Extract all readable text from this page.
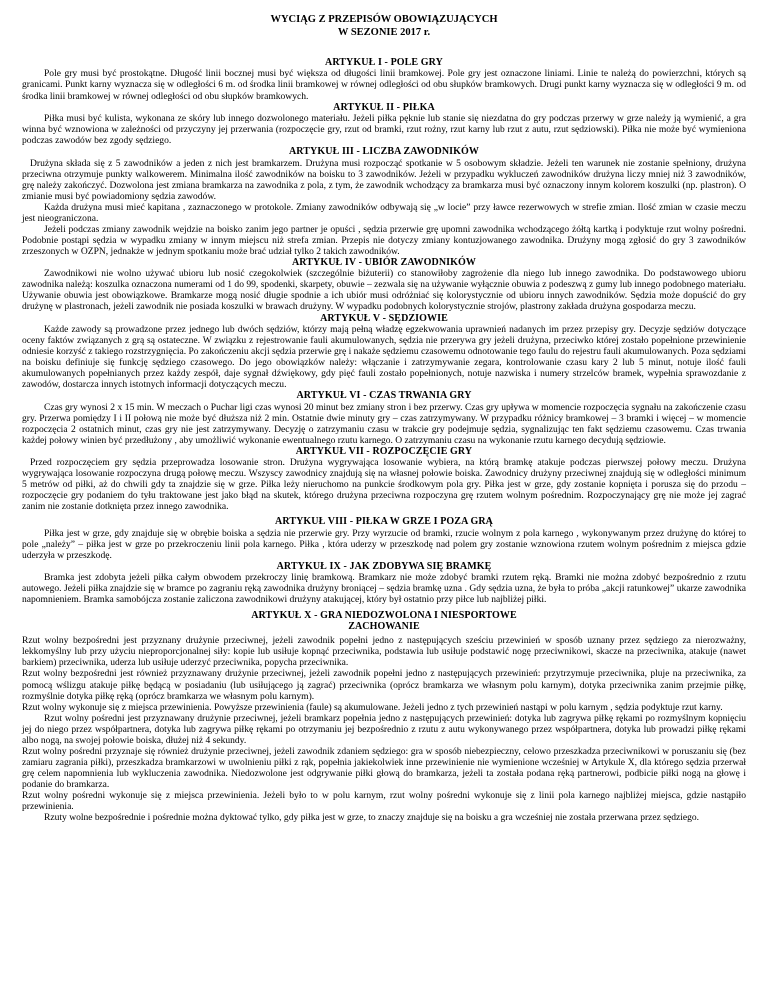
WYCIĄG Z PRZEPISÓW OBOWIĄZUJĄCYCH
W SEZONIE 2017 r.
ARTYKUŁ I - POLE GRY

Pole gry musi być prostokątne. Długość linii bocznej musi być większa od długości linii bramkowej. Pole gry jest oznaczone liniami. Linie te należą do powierzchni, których są granicami. Punkt karny wyznacza się w odległości 6 m. od środka linii bramkowej w równej odległości od obu słupków bramkowych. Drugi punkt karny wyznacza się w odległości 9 m. od środka linii bramkowej w równej odległości od obu słupków bramkowych.

ARTYKUŁ II - PIŁKA

Piłka musi być kulista, wykonana ze skóry lub innego dozwolonego materiału. Jeżeli piłka pęknie lub stanie się niezdatna do gry podczas przerwy w grze należy ją wymienić, a gra winna być wznowiona w zależności od przyczyny jej przerwania (rozpoczęcie gry, rzut od bramki, rzut rożny, rzut karny lub rzut z autu, rzut sędziowski). Piłka nie może być wymieniona podczas zawodów bez zgody sędziego.

ARTYKUŁ III - LICZBA ZAWODNIKÓW

Drużyna składa się z 5 zawodników a jeden z nich jest bramkarzem. Drużyna musi rozpocząć spotkanie w 5 osobowym składzie. Jeżeli ten warunek nie zostanie spełniony, drużyna przeciwna otrzymuje punkty walkowerem. Minimalna ilość zawodników na boisku to 3 zawodników. Jeżeli w przypadku wykluczeń zawodników drużyna liczy mniej niż 3 zawodników, grę należy zakończyć. Dozwolona jest zmiana bramkarza na zawodnika z pola, z tym, że zawodnik wchodzący za bramkarza musi być oznaczony innym kolorem koszulki (np. plastron). O zmianie musi być powiadomiony sędzia zawodów.

Każda drużyna musi mieć kapitana , zaznaczonego w protokole. Zmiany zawodników odbywają się „w locie” przy ławce rezerwowych w strefie zmian. Ilość zmian w czasie meczu jest nieograniczona.

Jeżeli podczas zmiany zawodnik wejdzie na boisko zanim jego partner je opuści , sędzia przerwie grę upomni zawodnika wchodzącego żółtą kartką i podyktuje rzut wolny pośredni. Podobnie postąpi sędzia w wypadku zmiany w innym miejscu niż strefa zmian. Przepis nie dotyczy zmiany kontuzjowanego zawodnika. Drużyny mogą zgłosić do gry 3 zawodników zrzeszonych w OZPN, jednakże w jednym spotkaniu może brać udział tylko 2 takich zawodników.

ARTYKUŁ IV - UBIÓR ZAWODNIKÓW

Zawodnikowi nie wolno używać ubioru lub nosić czegokolwiek (szczególnie biżuterii) co stanowiłoby zagrożenie dla niego lub innego zawodnika. Do podstawowego ubioru zawodnika należą: koszulka oznaczona numerami od 1 do 99, spodenki, skarpety, obuwie – zezwala się na używanie wyłącznie obuwia z podeszwą z gumy lub innego podobnego materiału. Używanie obuwia jest obowiązkowe. Bramkarze mogą nosić długie spodnie a ich ubiór musi odróżniać się kolorystycznie od ubioru innych zawodników. Sędzia może dopuścić do gry drużynę w plastronach, jeżeli zawodnik nie posiada koszulki w brawach drużyny. W wypadku podobnych kolorystycznie strojów, plastrony zakłada drużyna gospodarza meczu.

ARTYKUŁ V - SĘDZIOWIE

Każde zawody są prowadzone przez jednego lub dwóch sędziów, którzy mają pełną władzę egzekwowania uprawnień nadanych im przez przepisy gry. Decyzje sędziów dotyczące oceny faktów związanych z grą są ostateczne. W związku z rejestrowanie fauli akumulowanych, sędzia nie przerywa gry jeżeli drużyna, przeciwko której zostało popełnione przewinienie odniesie korzyść z takiego rozstrzygnięcia. Po zakończeniu akcji sędzia przerwie grę i nakaże sędziemu czasowemu odnotowanie tego faulu do rejestru fauli akumulowanych. Poza sędziami na boisku definiuje się funkcję sędziego czasowego. Do jego obowiązków należy: włączanie i zatrzymywanie zegara, kontrolowanie czasu kary 2 lub 5 minut, notuje ilość fauli akumulowanych popełnianych przez każdy zespół, daje sygnał dźwiękowy, gdy pięć fauli zostało popełnionych, notuje nazwiska i numery strzelców bramek, wypełnia sprawozdanie z zawodów, dostarcza innych istotnych informacji dotyczących meczu.

ARTYKUŁ VI - CZAS TRWANIA GRY

Czas gry wynosi 2 x 15 min. W meczach o Puchar ligi czas wynosi 20 minut bez zmiany stron i bez przerwy. Czas gry upływa w momencie rozpoczęcia sygnału na zakończenie czasu gry. Przerwa pomiędzy I i II połową nie może być dłuższa niż 2 min. Ostatnie dwie minuty gry – czas zatrzymywany. W przypadku różnicy bramkowej – 3 bramki i więcej – w momencie rozpoczęcia 2 ostatnich minut, czas gry nie jest zatrzymywany. Decyzję o zatrzymaniu czasu w trakcie gry podejmuje sędzia, sygnalizując ten fakt sędziemu czasowemu. Czas trwania każdej połowy winien być przedłużony , aby umożliwić wykonanie ewentualnego rzutu karnego. O zatrzymaniu czasu na wykonanie rzutu karnego decydują sędziowie.

ARTYKUŁ VII - ROZPOCZĘCIE GRY

Przed rozpoczęciem gry sędzia przeprowadza losowanie stron. Drużyna wygrywająca losowanie wybiera, na którą bramkę atakuje podczas pierwszej połowy meczu. Drużyna wygrywająca losowanie rozpoczyna drugą połowę meczu. Wszyscy zawodnicy znajdują się na własnej połowie boiska. Zawodnicy drużyny przeciwnej znajdują się w odległości minimum 5 metrów od piłki, aż do chwili gdy ta znajdzie się w grze. Piłka leży nieruchomo na punkcie środkowym pola gry. Piłka jest w grze, gdy zostanie kopnięta i porusza się do przodu – rozpoczęcie gry podaniem do tyłu traktowane jest jako błąd na skutek, którego drużyna przeciwna rozpoczyna grę rzutem wolnym pośrednim. Rozpoczynający grę nie może jej zagrać zanim nie zostanie dotknięta przez innego zawodnika.

ARTYKUŁ VIII - PIŁKA W GRZE I POZA GRĄ

Piłka jest w grze, gdy znajduje się w obrębie boiska a sędzia nie przerwie gry. Przy wyrzucie od bramki, rzucie wolnym z pola karnego , wykonywanym przez drużynę do której to pole „należy” – piłka jest w grze po przekroczeniu linii pola karnego. Piłka , która uderzy w przeszkodę nad polem gry zostanie wznowiona rzutem wolnym pośrednim z miejsca gdzie uderzyła w przeszkodę.

ARTYKUŁ IX - JAK ZDOBYWA SIĘ BRAMKĘ

Bramka jest zdobyta jeżeli piłka całym obwodem przekroczy linię bramkową. Bramkarz nie może zdobyć bramki rzutem ręką. Bramki nie można zdobyć bezpośrednio z rzutu autowego. Jeżeli piłka znajdzie się w bramce po zagraniu ręką zawodnika drużyny broniącej – sędzia bramkę uzna . Gdy sędzia uzna, że była to próba „akcji ratunkowej” ukarze zawodnika napomnieniem. Bramka samobójcza zostanie zaliczona zawodnikowi drużyny atakującej, który był ostatnio przy piłce lub najbliżej piłki.

ARTYKUŁ X - GRA NIEDOZWOLONA I NIESPORTOWE
ZACHOWANIE

Rzut wolny bezpośredni jest przyznany drużynie przeciwnej, jeżeli zawodnik popełni jedno z następujących sześciu przewinień w sposób uznany przez sędziego za nierozważny, lekkomyślny lub przy użyciu nieproporcjonalnej siły: kopie lub usiłuje kopnąć przeciwnika, podstawia lub usiłuje podstawić nogę przeciwnikowi, skacze na przeciwnika, atakuje (nawet barkiem) przeciwnika, uderza lub usiłuje uderzyć przeciwnika, popycha przeciwnika.

Rzut wolny bezpośredni jest również przyznawany drużynie przeciwnej, jeżeli zawodnik popełni jedno z następujących przewinień: przytrzymuje przeciwnika, pluje na przeciwnika, za pomocą wślizgu atakuje piłkę będącą w posiadaniu (lub usiłującego ją zagrać) przeciwnika (oprócz bramkarza we własnym polu karnym), dotyka przeciwnika zanim przejmie piłkę, rozmyślnie dotyka piłkę ręką (oprócz bramkarza we własnym polu karnym).

Rzut wolny wykonuje się z miejsca przewinienia. Powyższe przewinienia (faule) są akumulowane. Jeżeli jedno z tych przewinień nastąpi w polu karnym , sędzia podyktuje rzut karny.

Rzut wolny pośredni jest przyznawany drużynie przeciwnej, jeżeli bramkarz popełnia jedno z następujących przewinień: dotyka lub zagrywa piłkę rękami po rozmyślnym kopnięciu jej do niego przez współpartnera, dotyka lub zagrywa piłkę rękami po otrzymaniu jej bezpośrednio z rzutu z autu wykonywanego przez współpartnera, dotyka lub prowadzi piłkę rękami albo nogą, na swojej połowie boiska, dłużej niż 4 sekundy.

Rzut wolny pośredni przyznaje się również drużynie przeciwnej, jeżeli zawodnik zdaniem sędziego: gra w sposób niebezpieczny, celowo przeszkadza przeciwnikowi w poruszaniu się (bez zamiaru zagrania piłki), przeszkadza bramkarzowi w uwolnieniu piłki z rąk, popełnia jakiekolwiek inne przewinienie nie wymienione wcześniej w Artykule X, dla którego sędzia przerwał grę celem napomnienia lub wykluczenia zawodnika. Niedozwolone jest odgrywanie piłki głową do bramkarza, jeżeli ta została podana ręką partnerowi, podbicie piłki nogą na głowę i podanie do bramkarza.

Rzut wolny pośredni wykonuje się z miejsca przewinienia. Jeżeli było to w polu karnym, rzut wolny pośredni wykonuje się z linii pola karnego najbliżej miejsca, gdzie nastąpiło przewinienia.

Rzuty wolne bezpośrednie i pośrednie można dyktować tylko, gdy piłka jest w grze, to znaczy znajduje się na boisku a gra wcześniej nie została przerwana przez sędziego.
